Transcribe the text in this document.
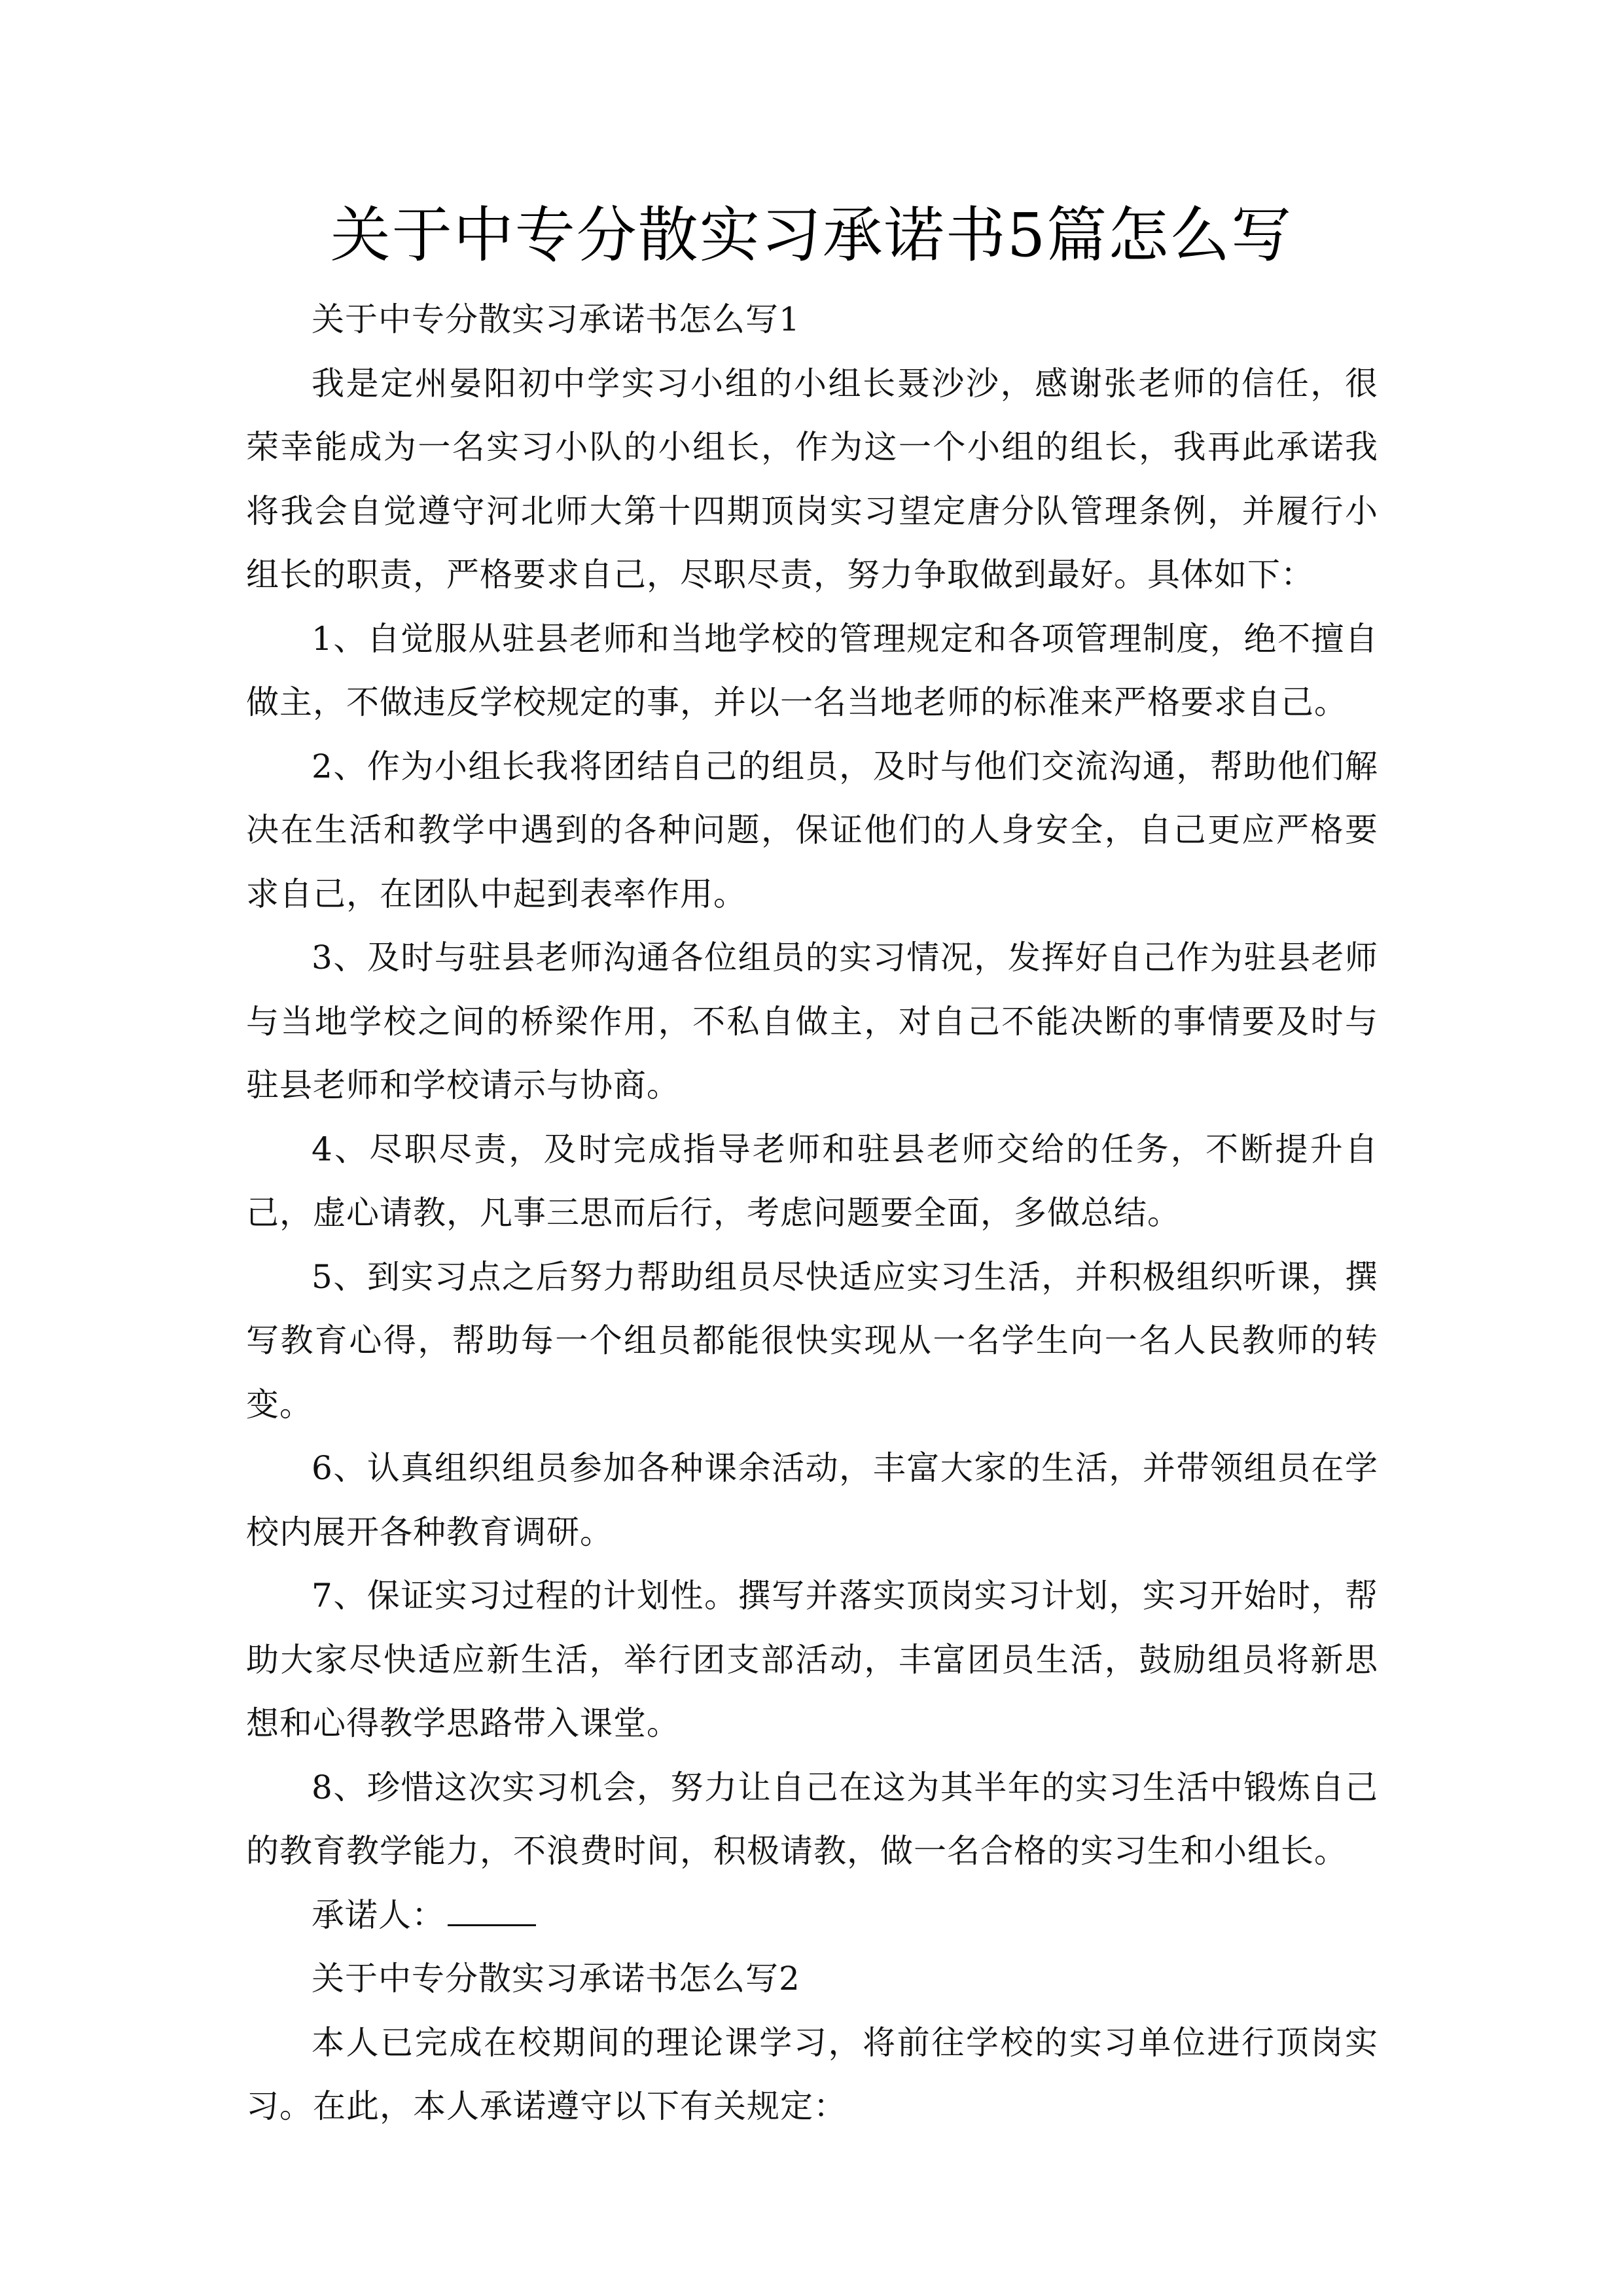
关于中专分散实习承诺书5篇怎么写

关于中专分散实习承诺书怎么写1

我是定州晏阳初中学实习小组的小组长聂沙沙，感谢张老师的信任，很荣幸能成为一名实习小队的小组长，作为这一个小组的组长，我再此承诺我将我会自觉遵守河北师大第十四期顶岗实习望定唐分队管理条例，并履行小组长的职责，严格要求自己，尽职尽责，努力争取做到最好。具体如下：

1、自觉服从驻县老师和当地学校的管理规定和各项管理制度，绝不擅自做主，不做违反学校规定的事，并以一名当地老师的标准来严格要求自己。

2、作为小组长我将团结自己的组员，及时与他们交流沟通，帮助他们解决在生活和教学中遇到的各种问题，保证他们的人身安全，自己更应严格要求自己，在团队中起到表率作用。

3、及时与驻县老师沟通各位组员的实习情况，发挥好自己作为驻县老师与当地学校之间的桥梁作用，不私自做主，对自己不能决断的事情要及时与驻县老师和学校请示与协商。

4、尽职尽责，及时完成指导老师和驻县老师交给的任务，不断提升自己，虚心请教，凡事三思而后行，考虑问题要全面，多做总结。

5、到实习点之后努力帮助组员尽快适应实习生活，并积极组织听课，撰写教育心得，帮助每一个组员都能很快实现从一名学生向一名人民教师的转变。

6、认真组织组员参加各种课余活动，丰富大家的生活，并带领组员在学校内展开各种教育调研。

7、保证实习过程的计划性。撰写并落实顶岗实习计划，实习开始时，帮助大家尽快适应新生活，举行团支部活动，丰富团员生活，鼓励组员将新思想和心得教学思路带入课堂。

8、珍惜这次实习机会，努力让自己在这为其半年的实习生活中锻炼自己的教育教学能力，不浪费时间，积极请教，做一名合格的实习生和小组长。

承诺人：

关于中专分散实习承诺书怎么写2

本人已完成在校期间的理论课学习，将前往学校的实习单位进行顶岗实习。在此，本人承诺遵守以下有关规定：
